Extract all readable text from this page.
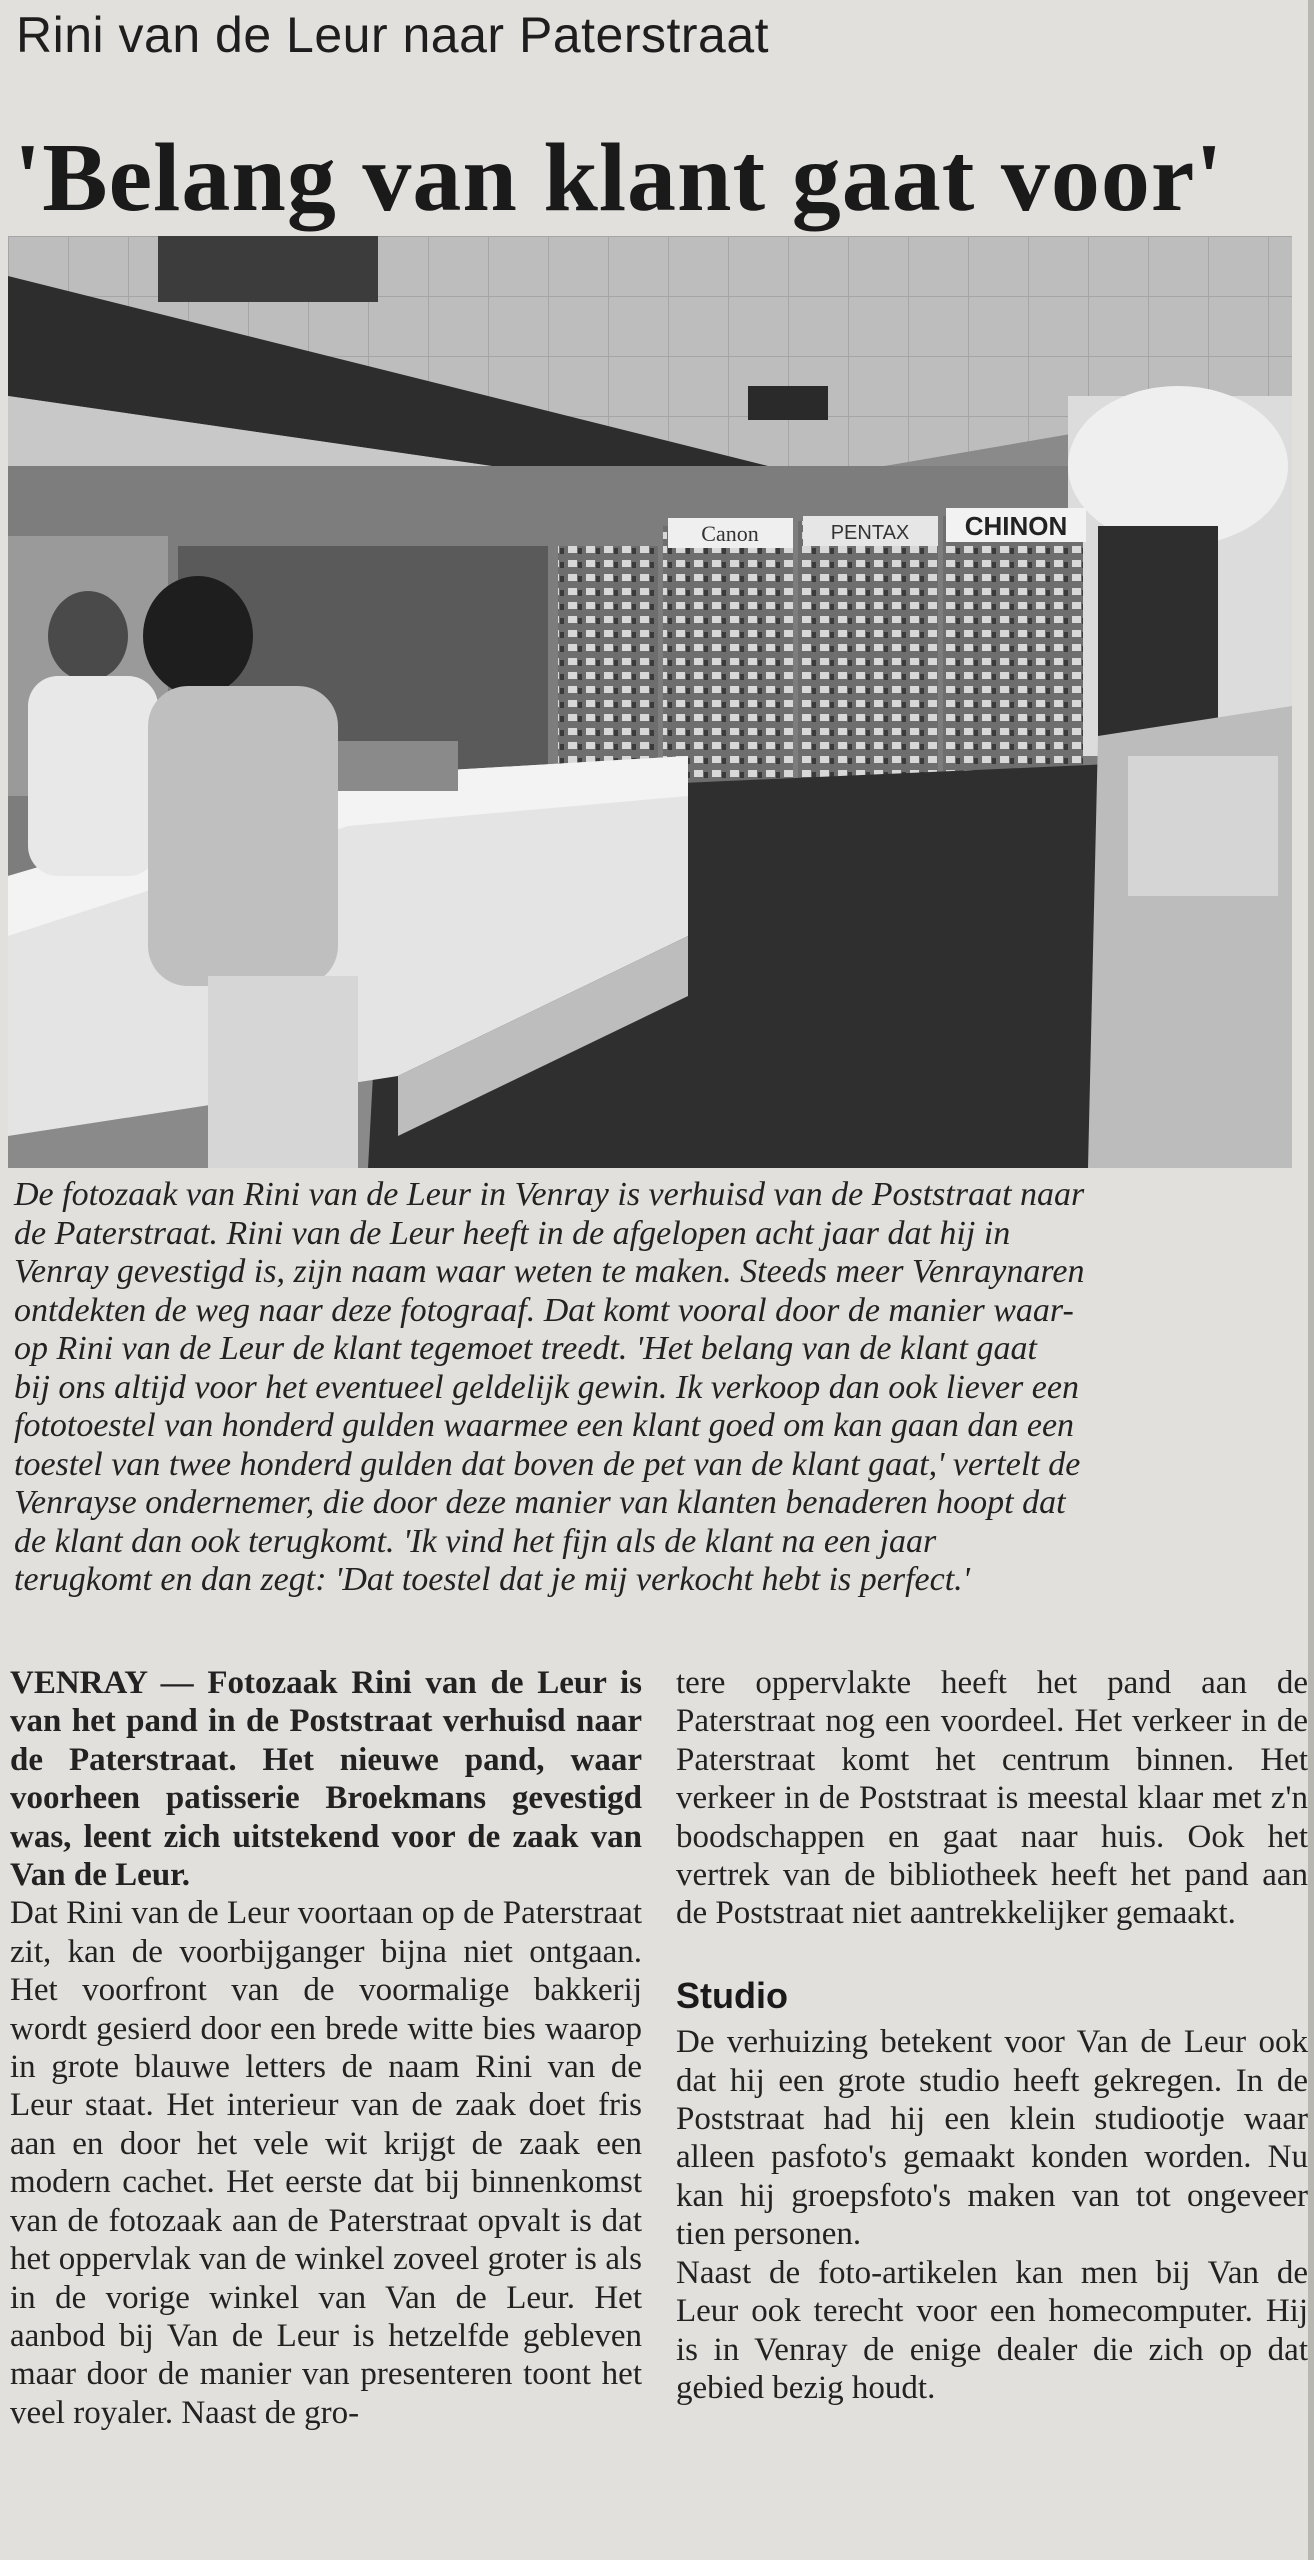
Rini van de Leur naar Paterstraat
'Belang van klant gaat voor'
Canon	PENTAX CHINON
De fotozaak van Rini van de Leur in Venray is verhuisd van de Poststraat naar
de Paterstraat. Rini van de Leur heeft in de afgelopen acht jaar dat hij in
Venray gevestigd is, zijn naam waar weten te maken. Steeds meer Venraynaren
ontdekten de weg naar deze fotograaf. Dat komt vooral door de manier waar-
op Rini van de Leur de klant tegemoet treedt. 'Het belang van de klant gaat
bij ons altijd voor het eventueel geldelijk gewin. Ik verkoop dan ook liever een
fototoestel van honderd gulden waarmee een klant goed om kan gaan dan een
toestel van twee honderd gulden dat boven de pet van de klant gaat,' vertelt de
Venrayse ondernemer, die door deze manier van klanten benaderen hoopt dat
de klant dan ook terugkomt. 'Ik vind het fijn als de klant na een jaar
terugkomt en dan zegt: 'Dat toestel dat je mij verkocht hebt is perfect.'

VENRAY — Fotozaak Rini van de Leur is van het pand in de Poststraat verhuisd naar de Paterstraat. Het nieuwe pand, waar voorheen patisserie Broekmans gevestigd was, leent zich uitstekend voor de zaak van Van de Leur.

Dat Rini van de Leur voortaan op de Paterstraat zit, kan de voorbijganger bijna niet ontgaan. Het voorfront van de voormalige bakkerij wordt gesierd door een brede witte bies waarop in grote blauwe letters de naam Rini van de Leur staat. Het interieur van de zaak doet fris aan en door het vele wit krijgt de zaak een modern cachet. Het eerste dat bij binnenkomst van de fotozaak aan de Paterstraat opvalt is dat het oppervlak van de winkel zoveel groter is als in de vorige winkel van Van de Leur. Het aanbod bij Van de Leur is hetzelfde gebleven maar door de manier van presenteren toont het veel royaler. Naast de gro-

tere oppervlakte heeft het pand aan de Paterstraat nog een voordeel. Het verkeer in de Paterstraat komt het centrum binnen. Het verkeer in de Poststraat is meestal klaar met z'n boodschappen en gaat naar huis. Ook het vertrek van de bibliotheek heeft het pand aan de Poststraat niet aantrekkelijker gemaakt.

Studio

De verhuizing betekent voor Van de Leur ook dat hij een grote studio heeft gekregen. In de Poststraat had hij een klein studiootje waar alleen pasfoto's gemaakt konden worden. Nu kan hij groepsfoto's maken van tot ongeveer tien personen.

Naast de foto-artikelen kan men bij Van de Leur ook terecht voor een homecomputer. Hij is in Venray de enige dealer die zich op dat gebied bezig houdt.
